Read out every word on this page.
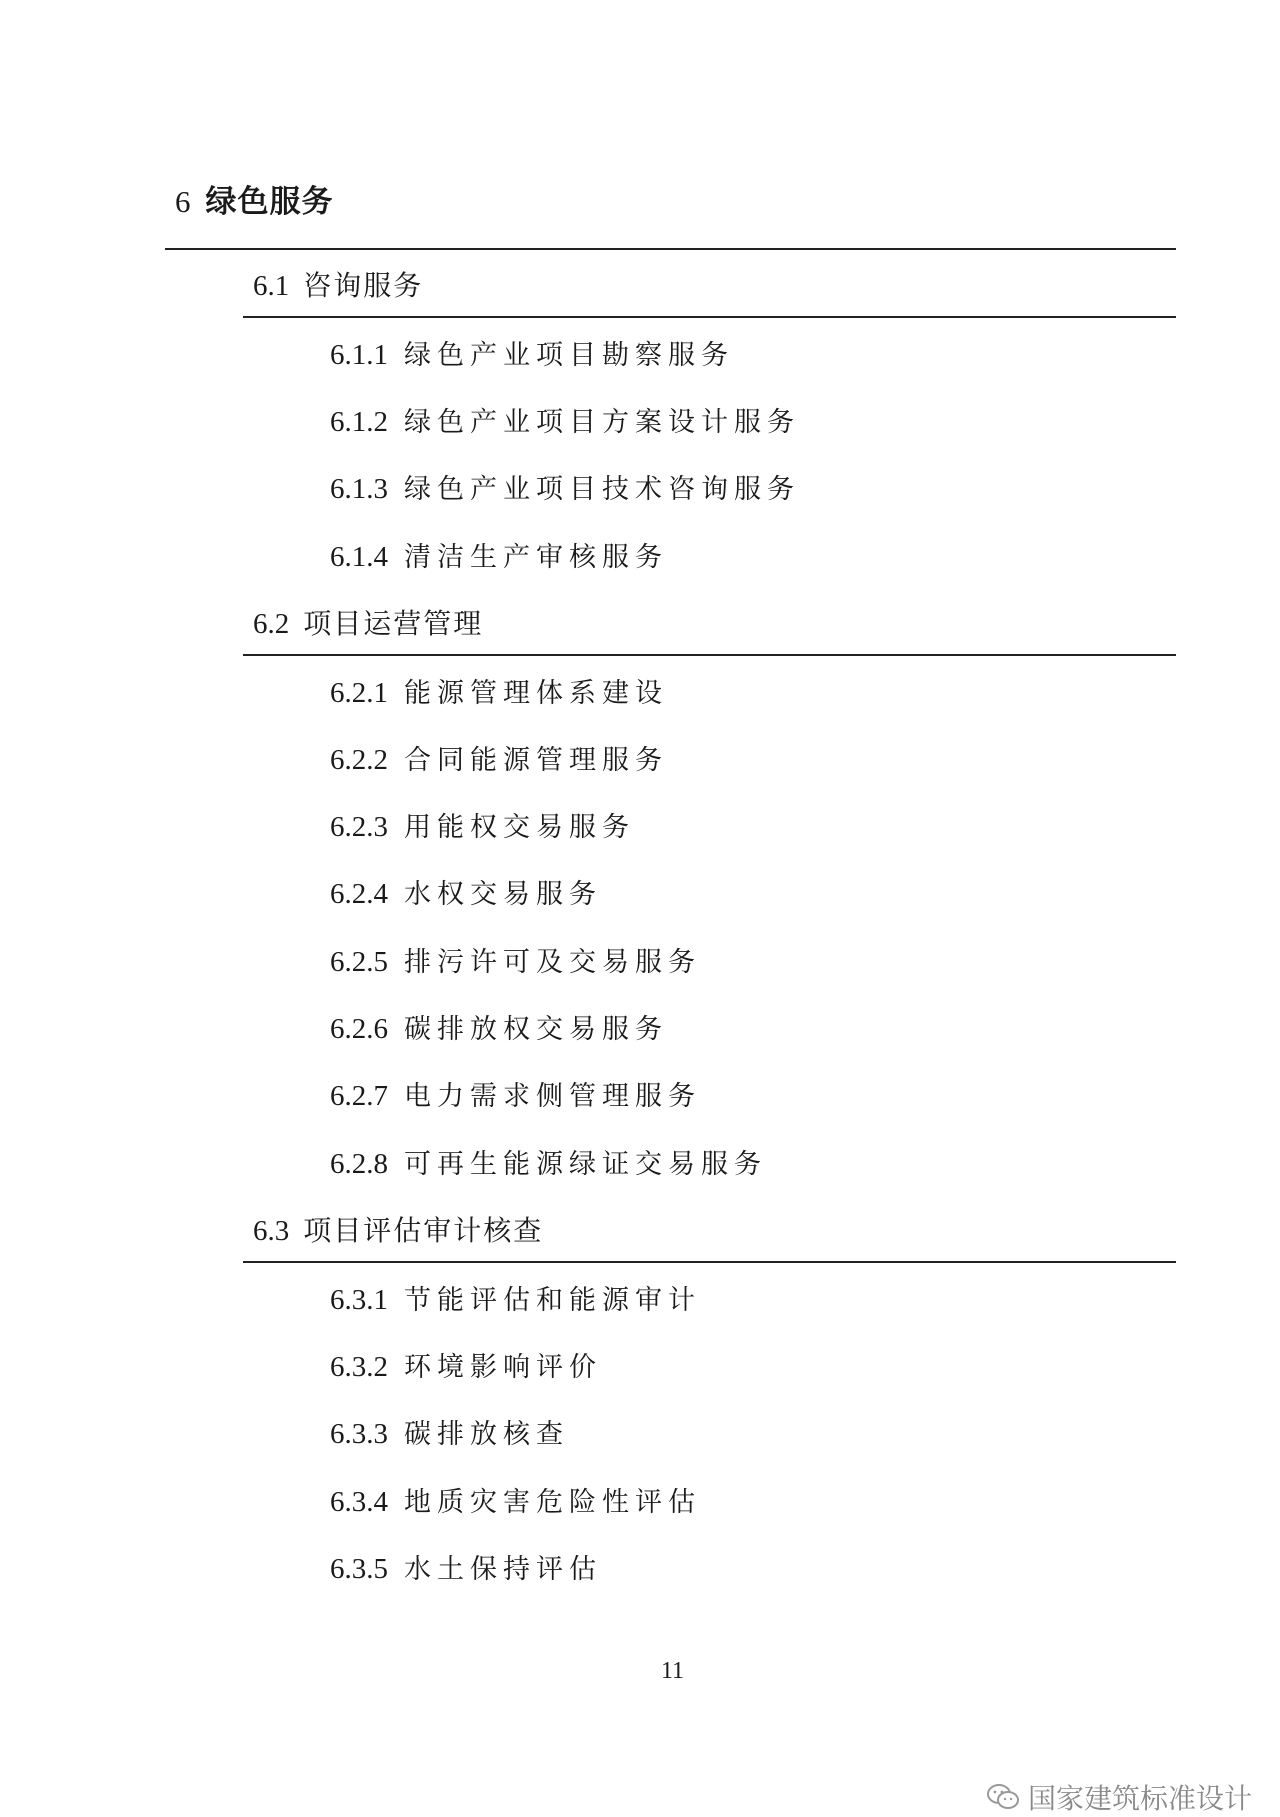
6 绿色服务
6.1 咨询服务
6.1.1 绿色产业项目勘察服务
6.1.2 绿色产业项目方案设计服务
6.1.3 绿色产业项目技术咨询服务
6.1.4 清洁生产审核服务
6.2 项目运营管理
6.2.1 能源管理体系建设
6.2.2 合同能源管理服务
6.2.3 用能权交易服务
6.2.4 水权交易服务
6.2.5 排污许可及交易服务
6.2.6 碳排放权交易服务
6.2.7 电力需求侧管理服务
6.2.8 可再生能源绿证交易服务
6.3 项目评估审计核查
6.3.1 节能评估和能源审计
6.3.2 环境影响评价
6.3.3 碳排放核查
6.3.4 地质灾害危险性评估
6.3.5 水土保持评估
11
国家建筑标准设计
